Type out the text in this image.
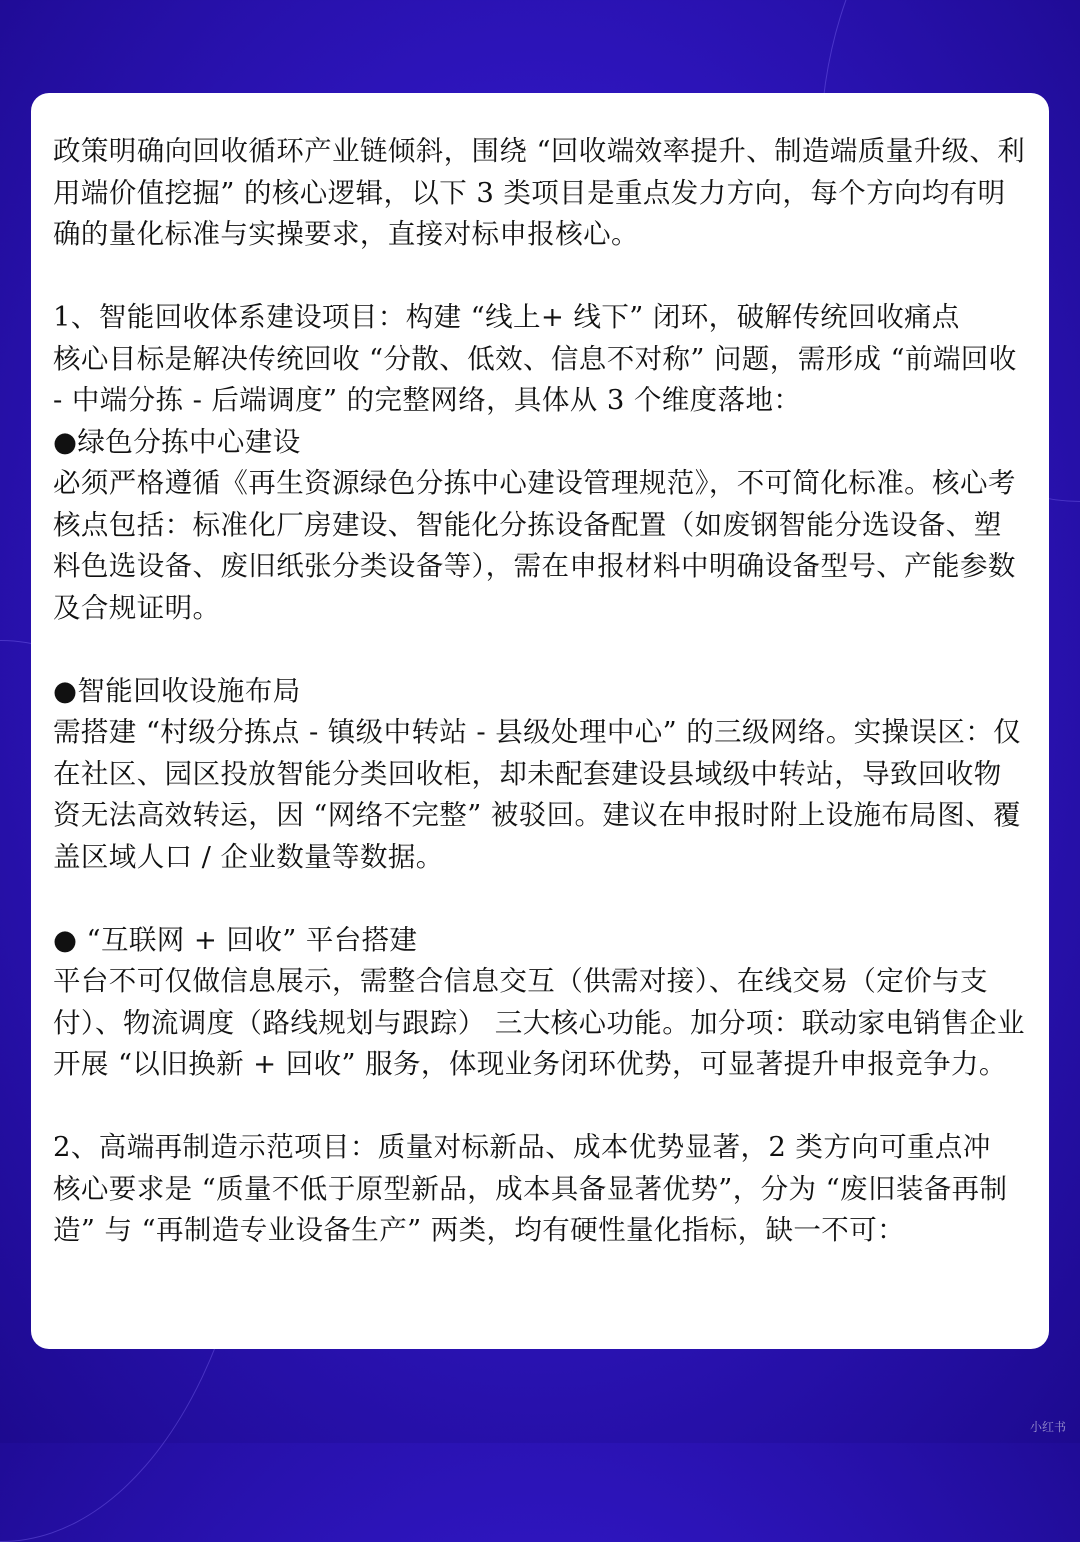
政策明确向回收循环产业链倾斜，围绕 “回收端效率提升、制造端质量升级、利用端价值挖掘” 的核心逻辑，以下 3 类项目是重点发力方向，每个方向均有明确的量化标准与实操要求，直接对标申报核心。

1、智能回收体系建设项目：构建 “线上+ 线下” 闭环，破解传统回收痛点

核心目标是解决传统回收 “分散、低效、信息不对称” 问题，需形成 “前端回收 - 中端分拣 - 后端调度” 的完整网络，具体从 3 个维度落地：

●绿色分拣中心建设

必须严格遵循《再生资源绿色分拣中心建设管理规范》，不可简化标准。核心考核点包括：标准化厂房建设、智能化分拣设备配置（如废钢智能分选设备、塑料色选设备、废旧纸张分类设备等），需在申报材料中明确设备型号、产能参数及合规证明。

●智能回收设施布局

需搭建 “村级分拣点 - 镇级中转站 - 县级处理中心” 的三级网络。实操误区：仅在社区、园区投放智能分类回收柜，却未配套建设县域级中转站，导致回收物资无法高效转运，因 “网络不完整” 被驳回。建议在申报时附上设施布局图、覆盖区域人口 / 企业数量等数据。

● “互联网 + 回收” 平台搭建

平台不可仅做信息展示，需整合信息交互（供需对接）、在线交易（定价与支付）、物流调度（路线规划与跟踪） 三大核心功能。加分项：联动家电销售企业开展 “以旧换新 + 回收” 服务，体现业务闭环优势，可显著提升申报竞争力。

2、高端再制造示范项目：质量对标新品、成本优势显著，2 类方向可重点冲

核心要求是 “质量不低于原型新品，成本具备显著优势”，分为 “废旧装备再制造” 与 “再制造专业设备生产” 两类，均有硬性量化指标，缺一不可：

小红书
